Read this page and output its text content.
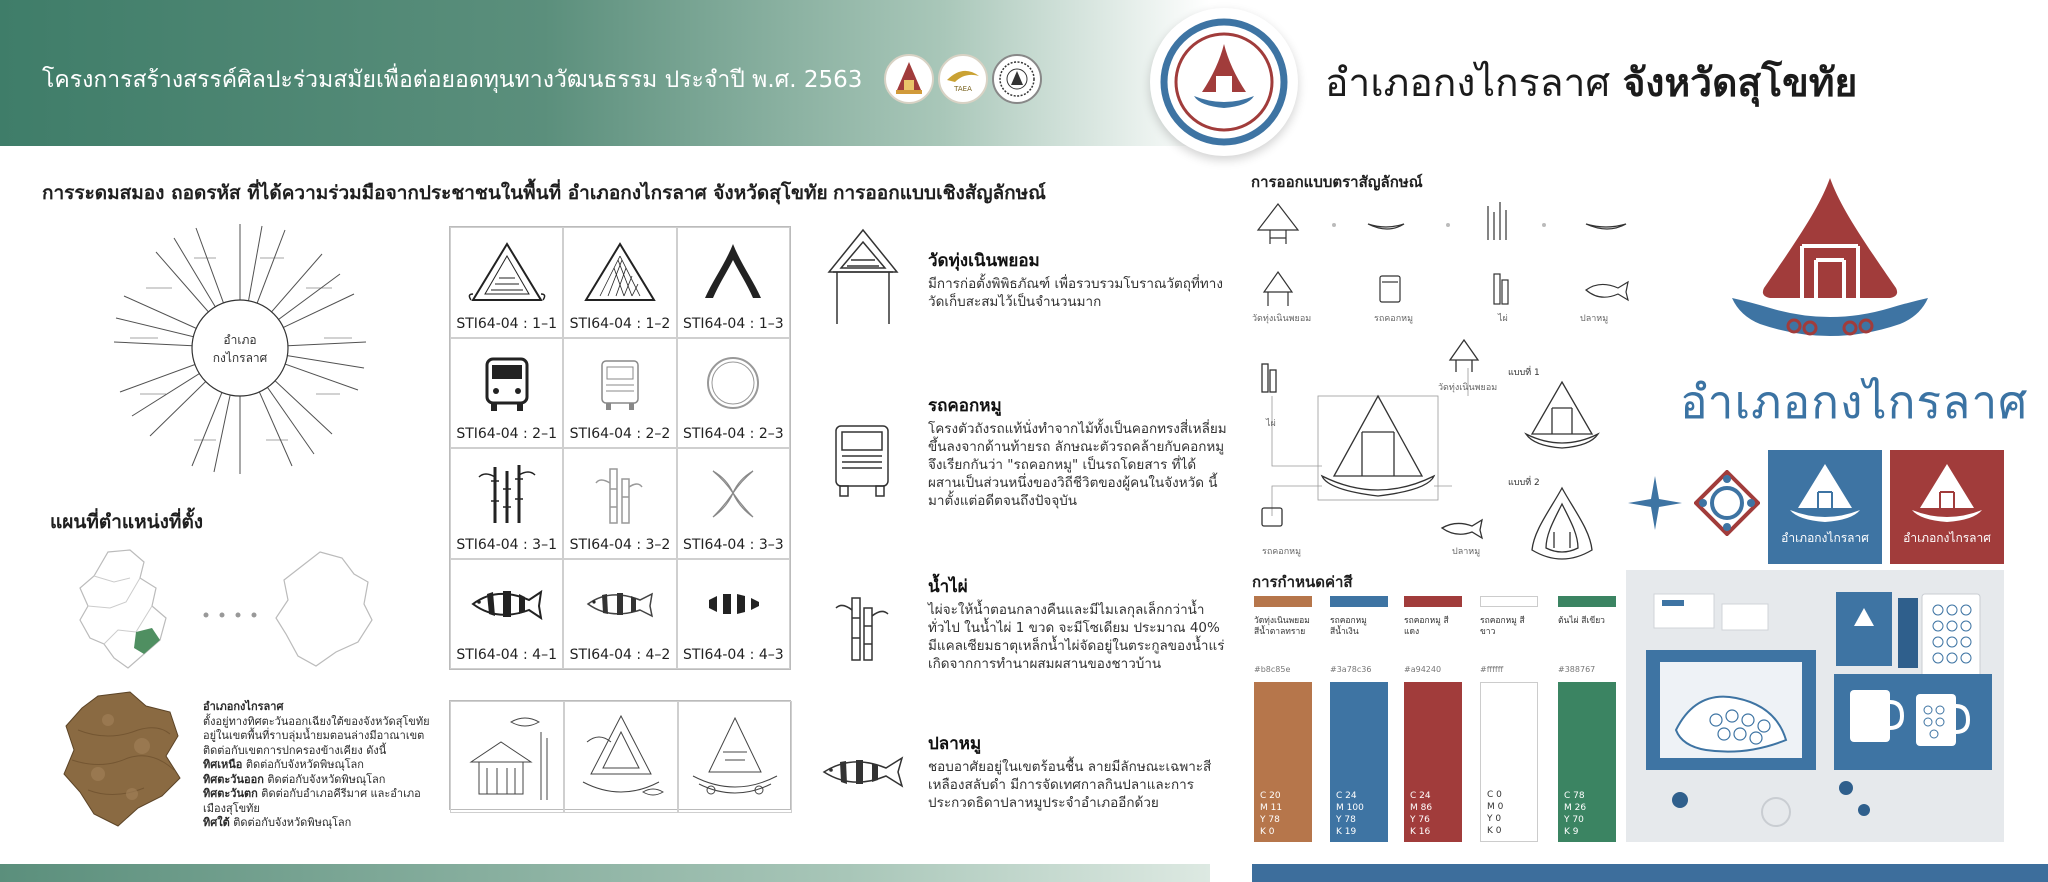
โครงการสร้างสรรค์ศิลปะร่วมสมัยเพื่อต่อยอดทุนทางวัฒนธรรม ประจำปี พ.ศ. 2563	TAEA	อำเภอกงไกรลาศ จังหวัดสุโขทัย
การระดมสมอง ถอดรหัส ที่ได้ความร่วมมือจากประชาชนในพื้นที่ อำเภอกงไกรลาศ จังหวัดสุโขทัย
อำเภอ
กงไกรลาศ
STI64-04 : 1–1 STI64-04 : 1–2 STI64-04 : 1–3
STI64-04 : 2–1 STI64-04 : 2–2 STI64-04 : 2–3
STI64-04 : 3–1 STI64-04 : 3–2 STI64-04 : 3–3
STI64-04 : 4–1 STI64-04 : 4–2 STI64-04 : 4–3
แผนที่ตำแหน่งที่ตั้ง
อำเภอกงไกรลาศ
ตั้งอยู่ทางทิศตะวันออกเฉียงใต้ของจังหวัดสุโขทัย อยู่ในเขตพื้นที่ราบลุ่มน้ำยมตอนล่างมีอาณาเขตติดต่อกับเขตการปกครองข้างเคียง ดังนี้
ทิศเหนือ ติดต่อกับจังหวัดพิษณุโลก
ทิศตะวันออก ติดต่อกับจังหวัดพิษณุโลก
ทิศตะวันตก ติดต่อกับอำเภอคีรีมาศ และอำเภอเมืองสุโขทัย
ทิศใต้ ติดต่อกับจังหวัดพิษณุโลก
การออกแบบเชิงสัญลักษณ์
วัดทุ่งเนินพยอม
มีการก่อตั้งพิพิธภัณฑ์ เพื่อรวบรวมโบราณวัตถุที่ทางวัดเก็บสะสมไว้เป็นจำนวนมาก
รถคอกหมู
โครงตัวถังรถแท้นั่งทำจากไม้ทั้งเป็นคอกทรงสี่เหลี่ยมขึ้นลงจากด้านท้ายรถ ลักษณะตัวรถคล้ายกับคอกหมู จึงเรียกกันว่า "รถคอกหมู" เป็นรถโดยสาร ที่ได้ผสานเป็นส่วนหนึ่งของวิถีชีวิตของผู้คนในจังหวัด นี้มาตั้งแต่อดีตจนถึงปัจจุบัน
น้ำไผ่
ไผ่จะให้น้ำตอนกลางคืนและมีไมเลกุลเล็กกว่าน้ำทั่วไป ในน้ำไผ่ 1 ขวด จะมีโซเดียม ประมาณ 40% มีแคลเซียมธาตุเหล็กน้ำไผ่จัดอยู่ในตระกูลของน้ำแร่เกิดจากการทำนาผสมผสานของชาวบ้าน
ปลาหมู
ชอบอาศัยอยู่ในเขตร้อนชื้น ลายมีลักษณะเฉพาะสีเหลืองสลับดำ มีการจัดเทศกาลกินปลาและการประกวดธิดาปลาหมูประจำอำเภออีกด้วย
การออกแบบตราสัญลักษณ์
วัดทุ่งเนินพยอม	รถคอกหมู	ไผ่	ปลาหมู
วัดทุ่งเนินพยอม
ไผ่
รถคอกหมู	ปลาหมู
แบบที่ 1
แบบที่ 2
การกำหนดค่าสี
วัดทุ่งเนินพยอม สีน้ำตาลทราย
#b8c85e
C 20
M 11
Y 78
K 0
รถคอกหมู สีน้ำเงิน
#3a78c36
C 24
M 100
Y 78
K 19
รถคอกหมู สีแดง
#a94240
C 24
M 86
Y 76
K 16
รถคอกหมู สีขาว
#ffffff
C 0
M 0
Y 0
K 0
ต้นไผ่ สีเขียว
#388767
C 78
M 26
Y 70
K 9
อำเภอกงไกรลาศ
อำเภอกงไกรลาศ	อำเภอกงไกรลาศ
